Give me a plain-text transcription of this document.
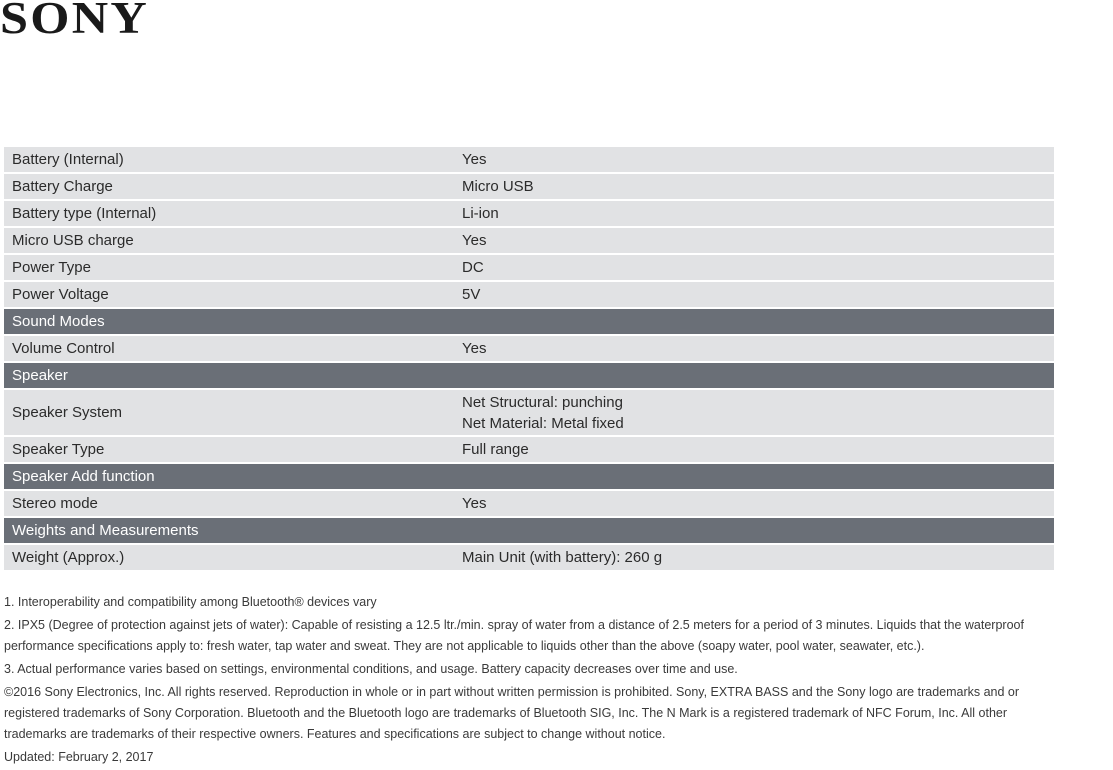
SONY
Battery (Internal)	Yes
Battery Charge	Micro USB
Battery type (Internal)	Li-ion
Micro USB charge	Yes
Power Type	DC
Power Voltage	5V
Sound Modes	
Volume Control	Yes
Speaker	
Speaker System	Net Structural: punching
Net Material: Metal fixed

Speaker Type	Full range
Speaker Add function	
Stereo mode	Yes
Weights and Measurements	
Weight (Approx.)	Main Unit (with battery): 260 g

1. Interoperability and compatibility among Bluetooth® devices vary

2. IPX5 (Degree of protection against jets of water): Capable of resisting a 12.5 ltr./min. spray of water from a distance of 2.5 meters for a period of 3 minutes. Liquids that the waterproof
performance specifications apply to: fresh water, tap water and sweat. They are not applicable to liquids other than the above (soapy water, pool water, seawater, etc.).

3. Actual performance varies based on settings, environmental conditions, and usage. Battery capacity decreases over time and use.

©2016 Sony Electronics, Inc. All rights reserved. Reproduction in whole or in part without written permission is prohibited. Sony, EXTRA BASS and the Sony logo are trademarks and or
registered trademarks of Sony Corporation. Bluetooth and the Bluetooth logo are trademarks of Bluetooth SIG, Inc. The N Mark is a registered trademark of NFC Forum, Inc. All other
trademarks are trademarks of their respective owners. Features and specifications are subject to change without notice.

Updated: February 2, 2017
